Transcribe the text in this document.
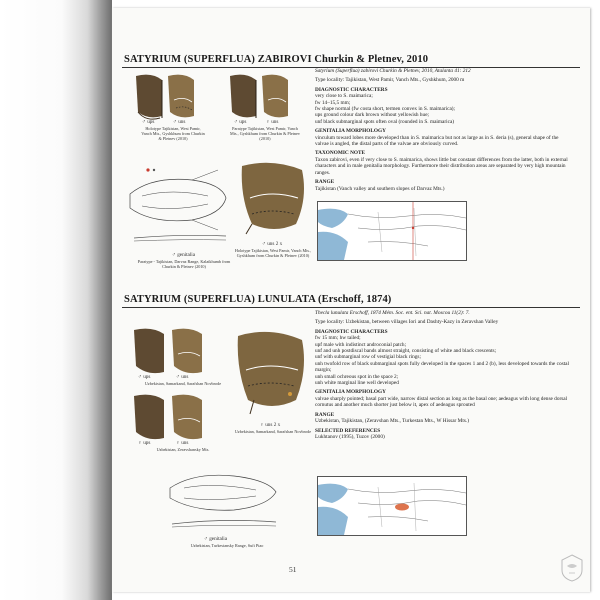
SATYRIUM (SUPERFLUA) ZABIROVI Churkin & Pletnev, 2010
♂ ups	♂ uns
Holotype Tajikistan, West Pamir, Vanch Mts., Gyshkhum from Churkin & Pletnev (2010)
♂ ups	♀ uns
Paratype Tajikistan, West Pamir, Vanch Mts., Gyshkhum from Churkin & Pletnev (2010)
♂ genitalia
Paratype - Tajikistan, Darvaz Range, Kalaikhumb from Churkin & Pletnev (2010)
♂ uns 2 x
Holotype Tajikistan, West Pamir, Vanch Mts., Gyshkhum from Churkin & Pletnev (2010)

Satyrium (Superflua) zabirovi Churkin & Pletnev, 2010, Atalanta 41: 212

Type locality: Tajikistan, West Pamir, Vanch Mts., Gyshkhum, 2000 m

DIAGNOSTIC CHARACTERS
very close to S. maimarica;
fw 14–15,5 mm;
fw shape normal (fw costa short, termen convex in S. maimarica);
ups ground colour dark brown without yellowish hue;

unf black submarginal spots often oval (rounded in S. maimarica)

GENITALIA MORPHOLOGY

vinculum toward lobes more developed than in S. maimarica but not as large as in S. deria (s), general shape of the valvae is angled, the distal parts of the valvae are obviously curved.

TAXONOMIC NOTE

Taxon zabirovi, even if very close to S. maimarica, shows little but constant differences from the latter, both in external characters and in male genitalia morphology. Furthermore their distribution areas are separated by very high mountain ranges.

RANGE

Tajikistan (Vanch valley and southern slopes of Darvaz Mts.)

SATYRIUM (SUPERFLUA) LUNULATA (Erschoff, 1874)
♂ ups	♂ uns
Uzbekistan, Samarkand, Sarafshan Novbrode
♀ ups	♀ uns
Uzbekistan, Zeravshansky Mts.
♀ uns 2 x
Uzbekistan, Samarkand, Sarafshan Novbrode
♂ genitalia
Uzbekistan, Turkestansky Range, Sufi Piao

Thecla lunulata Erschoff, 1874 Mém. Soc. ent. Sci. nat. Moscou 11(2): 7.

Type locality: Uzbekistan, between villages Iori and Dashty-Kazy in Zeravshan Valley

DIAGNOSTIC CHARACTERS
fw 15 mm; hw tailed;
upf male with indistinct androconial patch;
unf and unh postdiscal bands almost straight, consisting of white and black crescents;
unf with submarginal row of vestigial black rings;
unh twofold row of black submarginal spots fully developed in the spaces 1 and 2 (b), less developed towards the costal margin;
unh small ochreous spot in the space 2;

unh white marginal line well developed

GENITALIA MORPHOLOGY

valvae sharply pointed; basal part wide, narrow distal section as long as the basal one; aedeagus with long dense dorsal cornutus and another much shorter just below it, apex of aedeagus sprouted

RANGE

Uzbekistan, Tajikistan, (Zeravshan Mts., Turkestan Mts., W Hissar Mts.)

SELECTED REFERENCES

Lukhtanov (1995), Tuzov (2000)

51
